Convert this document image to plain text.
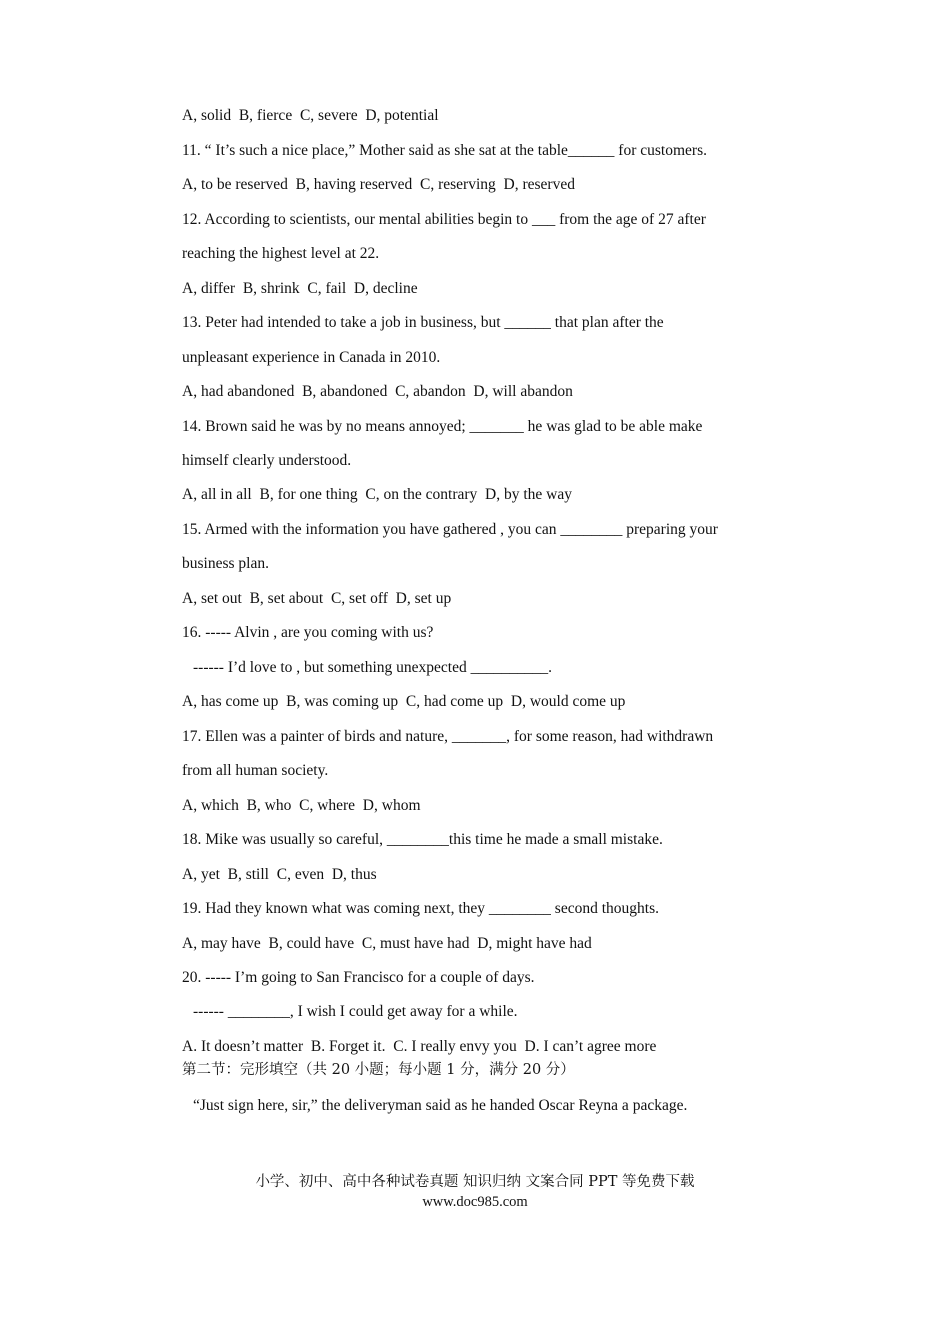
A, solid  B, fierce  C, severe  D, potential
11. “ It’s such a nice place,” Mother said as she sat at the table______ for customers.
A, to be reserved  B, having reserved  C, reserving  D, reserved
12. According to scientists, our mental abilities begin to ___ from the age of 27 after
reaching the highest level at 22.
A, differ  B, shrink  C, fail  D, decline
13. Peter had intended to take a job in business, but ______ that plan after the
unpleasant experience in Canada in 2010.
A, had abandoned  B, abandoned  C, abandon  D, will abandon
14. Brown said he was by no means annoyed; _______ he was glad to be able make
himself clearly understood.
A, all in all  B, for one thing  C, on the contrary  D, by the way
15. Armed with the information you have gathered , you can ________ preparing your
business plan.
A, set out  B, set about  C, set off  D, set up
16. ----- Alvin , are you coming with us?
------ I’d love to , but something unexpected __________.
A, has come up  B, was coming up  C, had come up  D, would come up
17. Ellen was a painter of birds and nature, _______, for some reason, had withdrawn
from all human society.
A, which  B, who  C, where  D, whom
18. Mike was usually so careful, ________this time he made a small mistake.
A, yet  B, still  C, even  D, thus
19. Had they known what was coming next, they ________ second thoughts.
A, may have  B, could have  C, must have had  D, might have had
20. ----- I’m going to San Francisco for a couple of days.
------ ________, I wish I could get away for a while.
A. It doesn’t matter  B. Forget it.  C. I really envy you  D. I can’t agree more
第二节：完形填空（共 20 小题；每小题 1 分，满分 20 分）
“Just sign here, sir,” the deliveryman said as he handed Oscar Reyna a package.
小学、初中、高中各种试卷真题 知识归纳 文案合同 PPT 等免费下载
www.doc985.com
